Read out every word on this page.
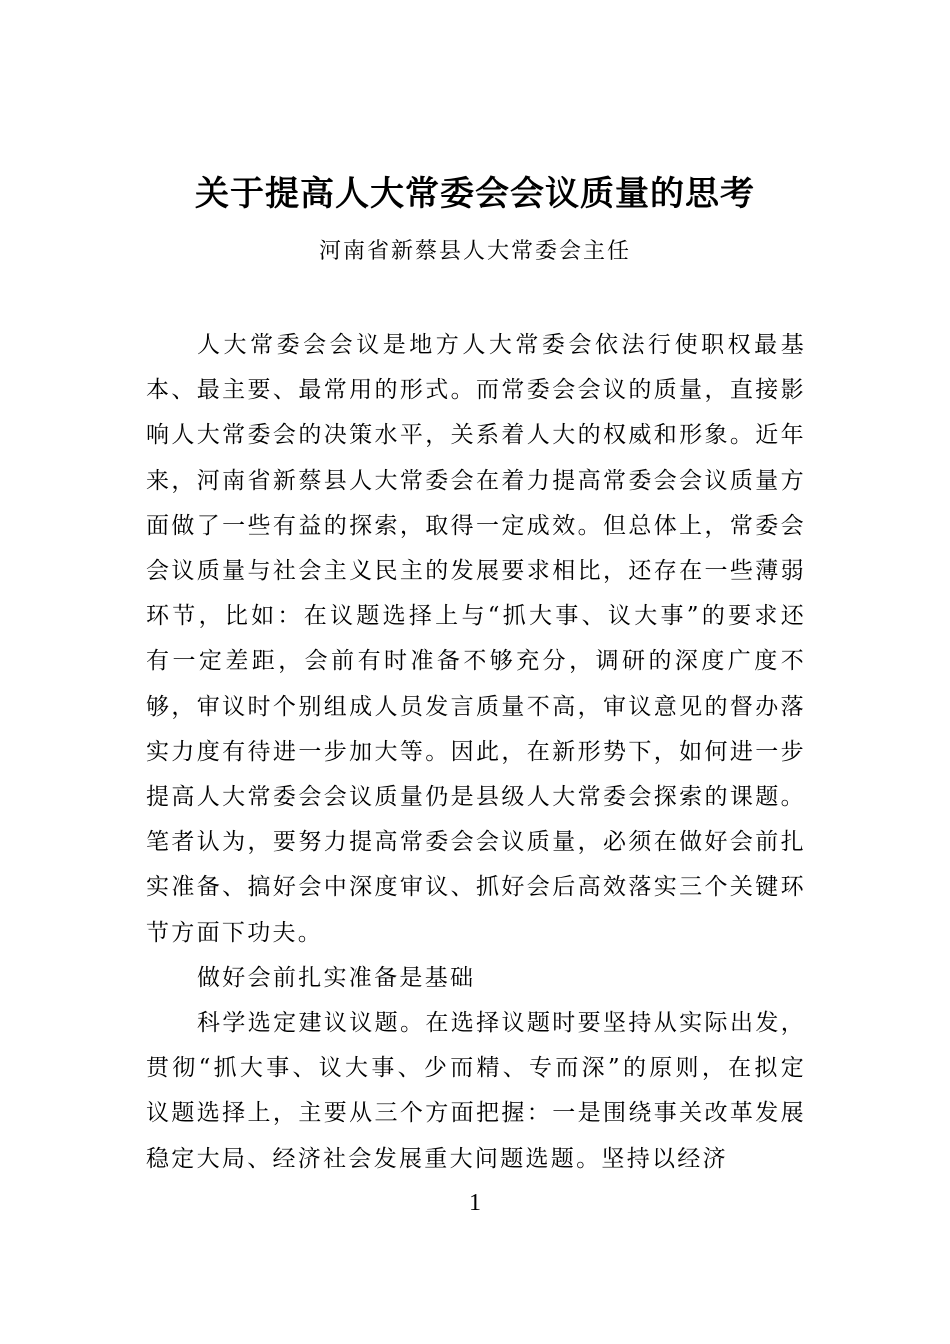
关于提高人大常委会会议质量的思考
河南省新蔡县人大常委会主任

人大常委会会议是地方人大常委会依法行使职权最基本、最主要、最常用的形式。而常委会会议的质量，直接影响人大常委会的决策水平，关系着人大的权威和形象。近年来，河南省新蔡县人大常委会在着力提高常委会会议质量方面做了一些有益的探索，取得一定成效。但总体上，常委会会议质量与社会主义民主的发展要求相比，还存在一些薄弱环节，比如：在议题选择上与“抓大事、议大事”的要求还有一定差距，会前有时准备不够充分，调研的深度广度不够，审议时个别组成人员发言质量不高，审议意见的督办落实力度有待进一步加大等。因此，在新形势下，如何进一步提高人大常委会会议质量仍是县级人大常委会探索的课题。笔者认为，要努力提高常委会会议质量，必须在做好会前扎实准备、搞好会中深度审议、抓好会后高效落实三个关键环节方面下功夫。

做好会前扎实准备是基础

科学选定建议议题。在选择议题时要坚持从实际出发，贯彻“抓大事、议大事、少而精、专而深”的原则，在拟定议题选择上，主要从三个方面把握：一是围绕事关改革发展稳定大局、经济社会发展重大问题选题。坚持以经济

1
